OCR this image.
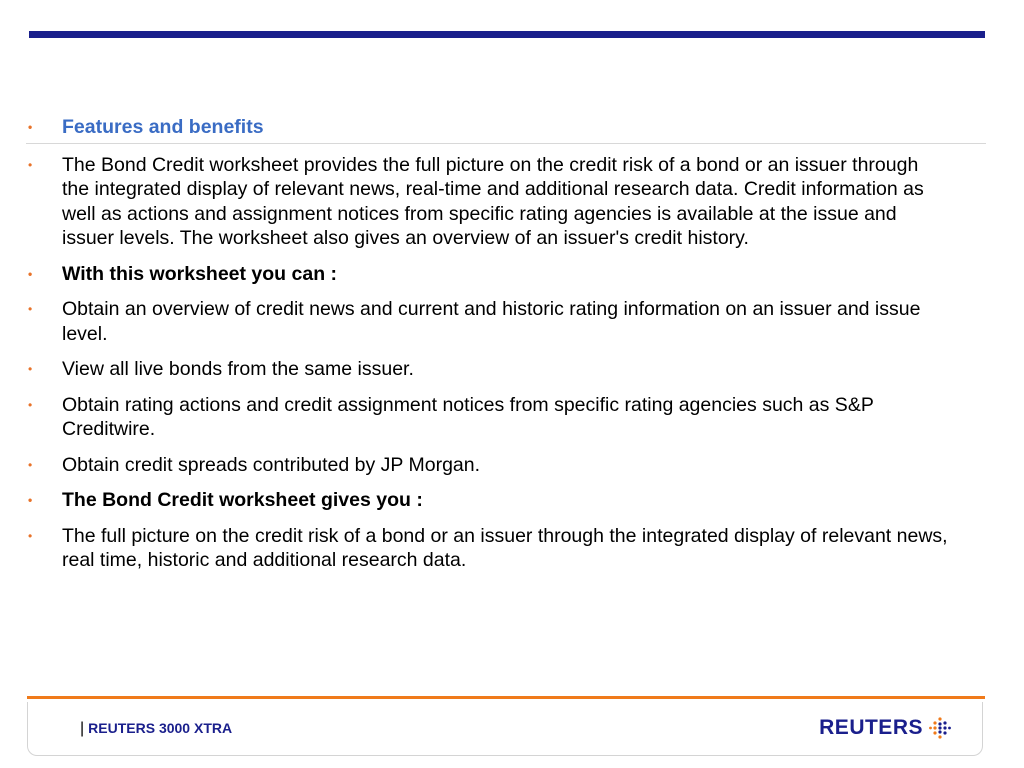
• Features and benefits
• The Bond Credit worksheet provides the full picture on the credit risk of a bond or an issuer through the integrated display of relevant news, real-time and additional research data. Credit information as well as actions and assignment notices from specific rating agencies is available at the issue and issuer levels. The worksheet also gives an overview of an issuer's credit history.
• With this worksheet you can :
• Obtain an overview of credit news and current and historic rating information on an issuer and issue level.
• View all live bonds from the same issuer.
• Obtain rating actions and credit assignment notices from specific rating agencies such as S&P Creditwire.
• Obtain credit spreads contributed by JP Morgan.
• The Bond Credit worksheet gives you :
• The full picture on the credit risk of a bond or an issuer through the integrated display of relevant news, real time, historic and additional research data.
| REUTERS 3000 XTRA	REUTERS
